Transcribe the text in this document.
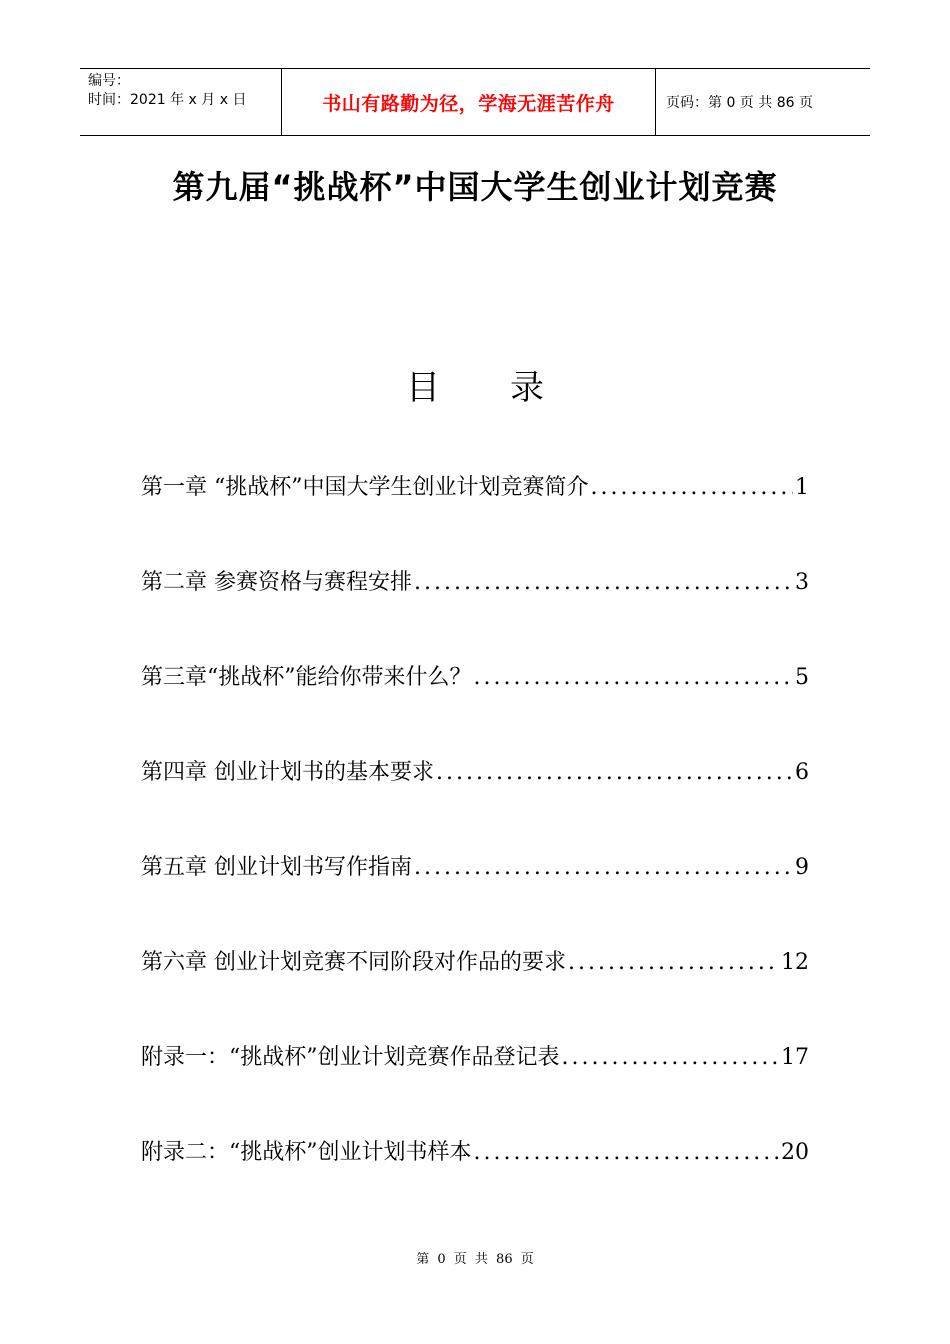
编号：
时间：2021 年 x 月 x 日	书山有路勤为径，学海无涯苦作舟	页码：第 0 页 共 86 页
第九届“挑战杯”中国大学生创业计划竞赛
目录
第一章 “挑战杯”中国大学生创业计划竞赛简介 .....	1
第二章 参赛资格与赛程安排 .....	3
第三章“挑战杯”能给你带来什么？ .....	5
第四章 创业计划书的基本要求 .....	6
第五章 创业计划书写作指南 .....	9
第六章 创业计划竞赛不同阶段对作品的要求 .....	12
附录一：“挑战杯”创业计划竞赛作品登记表 .....	17
附录二：“挑战杯”创业计划书样本 .....	20
第 0 页 共 86 页
